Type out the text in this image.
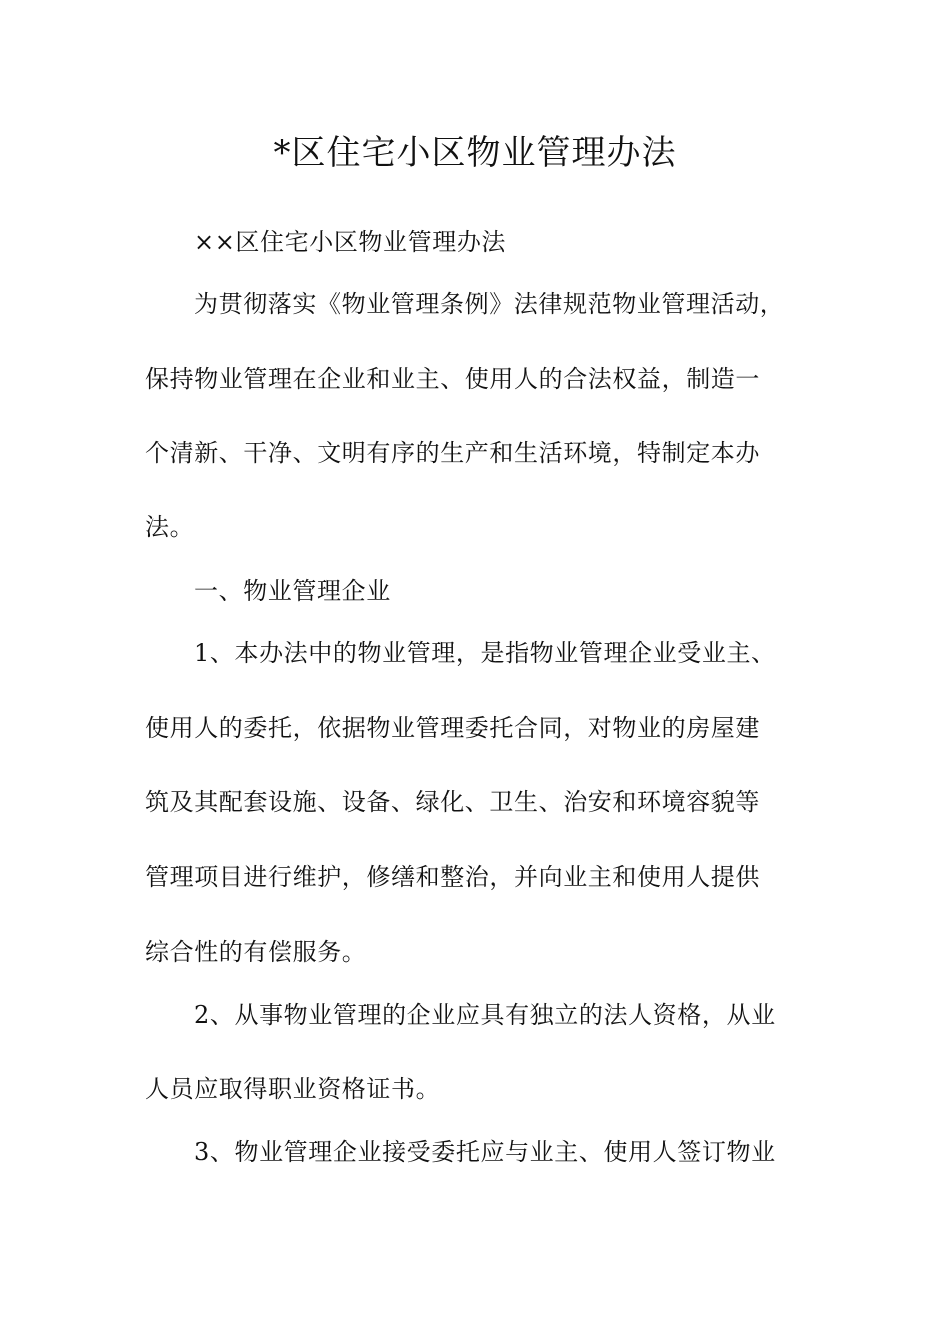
*区住宅小区物业管理办法
××区住宅小区物业管理办法
为贯彻落实《物业管理条例》法律规范物业管理活动，
保持物业管理在企业和业主、使用人的合法权益，制造一
个清新、干净、文明有序的生产和生活环境，特制定本办
法。
一、物业管理企业
1、本办法中的物业管理，是指物业管理企业受业主、
使用人的委托，依据物业管理委托合同，对物业的房屋建
筑及其配套设施、设备、绿化、卫生、治安和环境容貌等
管理项目进行维护，修缮和整治，并向业主和使用人提供
综合性的有偿服务。
2、从事物业管理的企业应具有独立的法人资格，从业
人员应取得职业资格证书。
3、物业管理企业接受委托应与业主、使用人签订物业
